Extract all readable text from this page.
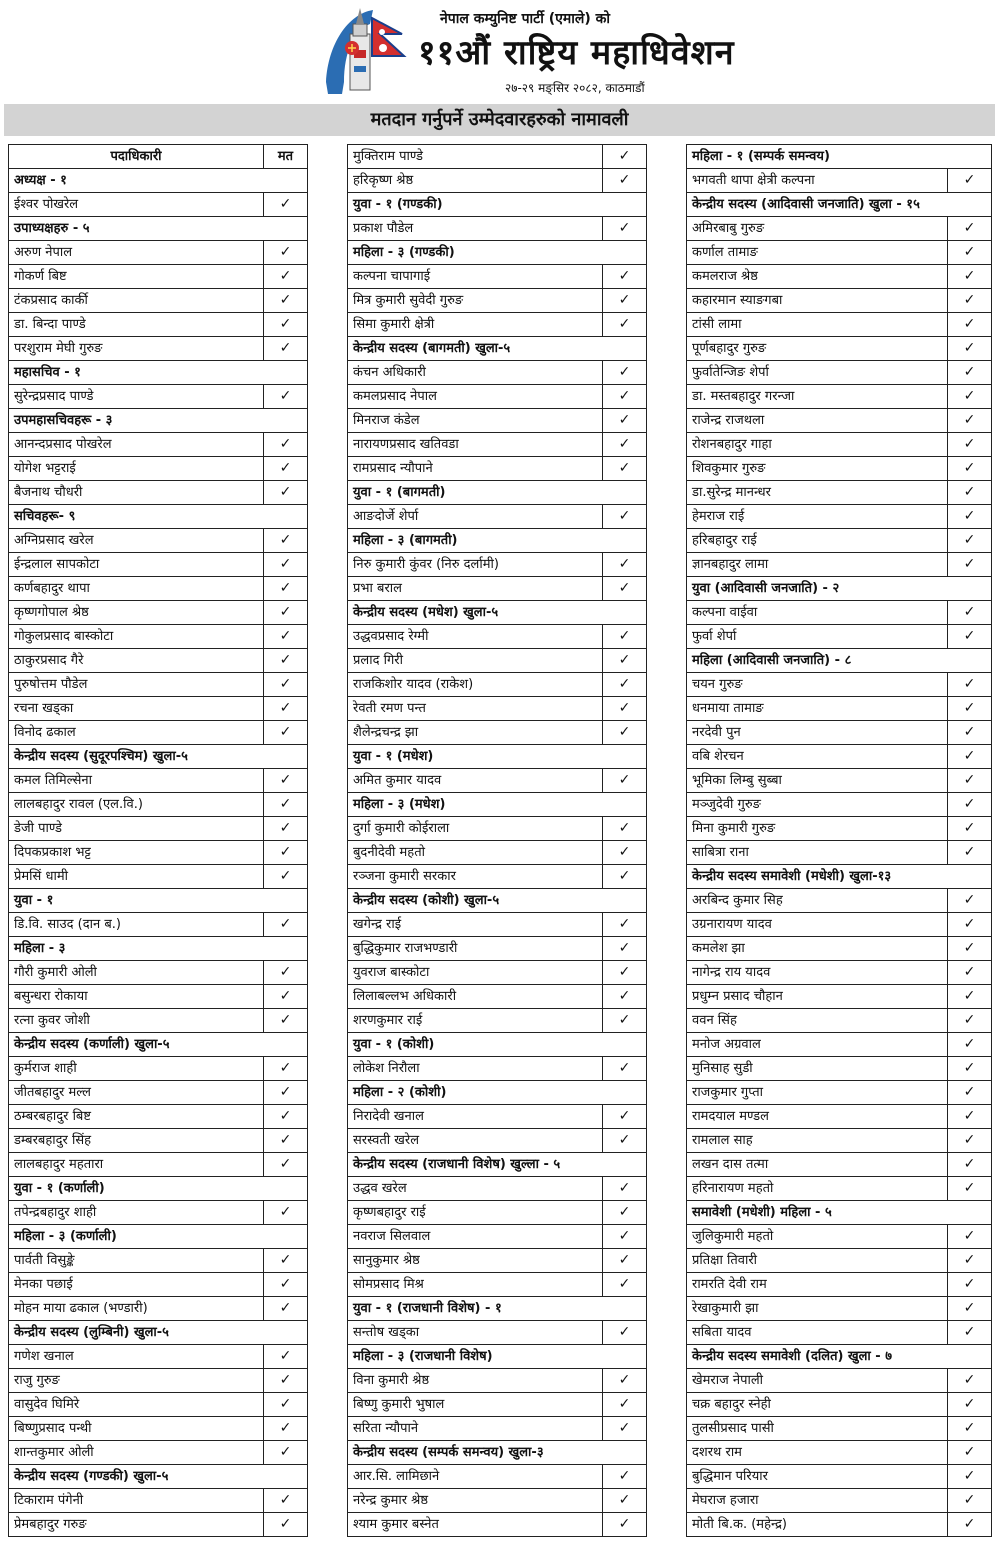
नेपाल कम्युनिष्ट पार्टी (एमाले) को
११औं राष्ट्रिय महाधिवेशन
२७-२९ मङ्सिर २०८२, काठमाडौं
मतदान गर्नुपर्ने उम्मेदवारहरुको नामावली
पदाधिकारी	मत
अध्यक्ष - १	
ईश्वर पोखरेल	✓
उपाध्यक्षहरु - ५	
अरुण नेपाल	✓
गोकर्ण बिष्ट	✓
टंकप्रसाद कार्की	✓
डा. बिन्दा पाण्डे	✓
परशुराम मेघी गुरुङ	✓
महासचिव - १	
सुरेन्द्रप्रसाद पाण्डे	✓
उपमहासचिवहरू - ३	
आनन्दप्रसाद पोखरेल	✓
योगेश भट्टराई	✓
बैजनाथ चौधरी	✓
सचिवहरू- ९	
अग्निप्रसाद खरेल	✓
ईन्द्रलाल सापकोटा	✓
कर्णबहादुर थापा	✓
कृष्णगोपाल श्रेष्ठ	✓
गोकुलप्रसाद बास्कोटा	✓
ठाकुरप्रसाद गैरे	✓
पुरुषोत्तम पौडेल	✓
रचना खड्का	✓
विनोद ढकाल	✓
केन्द्रीय सदस्य (सुदूरपश्चिम) खुला-५	
कमल तिमिल्सेना	✓
लालबहादुर रावल (एल.वि.)	✓
डेजी पाण्डे	✓
दिपकप्रकाश भट्ट	✓
प्रेमसिं धामी	✓
युवा - १	
डि.वि. साउद (दान ब.)	✓
महिला - ३	
गौरी कुमारी ओली	✓
बसुन्धरा रोकाया	✓
रत्ना कुवर जोशी	✓
केन्द्रीय सदस्य (कर्णाली) खुला-५	
कुर्मराज शाही	✓
जीतबहादुर मल्ल	✓
ठम्बरबहादुर बिष्ट	✓
डम्बरबहादुर सिंह	✓
लालबहादुर महतारा	✓
युवा - १ (कर्णाली)	
तपेन्द्रबहादुर शाही	✓
महिला - ३ (कर्णाली)	
पार्वती विसुङ्के	✓
मेनका पछाई	✓
मोहन माया ढकाल (भण्डारी)	✓
केन्द्रीय सदस्य (लुम्बिनी) खुला-५	
गणेश खनाल	✓
राजु गुरुङ	✓
वासुदेव घिमिरे	✓
बिष्णुप्रसाद पन्थी	✓
शान्तकुमार ओली	✓
केन्द्रीय सदस्य (गण्डकी) खुला-५	
टिकाराम पंगेनी	✓
प्रेमबहादुर गरुङ	✓
मुक्तिराम पाण्डे	✓
हरिकृष्ण श्रेष्ठ	✓
युवा - १ (गण्डकी)	
प्रकाश पौडेल	✓
महिला - ३ (गण्डकी)	
कल्पना चापागाई	✓
मित्र कुमारी सुवेदी गुरुङ	✓
सिमा कुमारी क्षेत्री	✓
केन्द्रीय सदस्य (बागमती) खुला-५	
कंचन अधिकारी	✓
कमलप्रसाद नेपाल	✓
मिनराज कंडेल	✓
नारायणप्रसाद खतिवडा	✓
रामप्रसाद न्यौपाने	✓
युवा - १ (बागमती)	
आङदोर्जे शेर्पा	✓
महिला - ३ (बागमती)	
निरु कुमारी कुंवर (निरु दर्लामी)	✓
प्रभा बराल	✓
केन्द्रीय सदस्य (मधेश) खुला-५	
उद्धवप्रसाद रेग्मी	✓
प्रलाद गिरी	✓
राजकिशोर यादव (राकेश)	✓
रेवती रमण पन्त	✓
शैलेन्द्रचन्द्र झा	✓
युवा - १ (मधेश)	
अमित कुमार यादव	✓
महिला - ३ (मधेश)	
दुर्गा कुमारी कोईराला	✓
बुदनीदेवी महतो	✓
रञ्जना कुमारी सरकार	✓
केन्द्रीय सदस्य (कोशी) खुला-५	
खगेन्द्र राई	✓
बुद्धिकुमार राजभण्डारी	✓
युवराज बास्कोटा	✓
लिलाबल्लभ अधिकारी	✓
शरणकुमार राई	✓
युवा - १ (कोशी)	
लोकेश निरौला	✓
महिला - २ (कोशी)	
निरादेवी खनाल	✓
सरस्वती खरेल	✓
केन्द्रीय सदस्य (राजधानी विशेष) खुल्ला - ५	
उद्धव खरेल	✓
कृष्णबहादुर राई	✓
नवराज सिलवाल	✓
सानुकुमार श्रेष्ठ	✓
सोमप्रसाद मिश्र	✓
युवा - १ (राजधानी विशेष) - १	
सन्तोष खड्का	✓
महिला - ३ (राजधानी विशेष)	
विना कुमारी श्रेष्ठ	✓
बिष्णु कुमारी भुषाल	✓
सरिता न्यौपाने	✓
केन्द्रीय सदस्य (सम्पर्क समन्वय) खुला-३	
आर.सि. लामिछाने	✓
नरेन्द्र कुमार श्रेष्ठ	✓
श्याम कुमार बस्नेत	✓
महिला - १ (सम्पर्क समन्वय)	
भगवती थापा क्षेत्री कल्पना	✓
केन्द्रीय सदस्य (आदिवासी जनजाति) खुला - १५	
अमिरबाबु गुरुङ	✓
कर्णाल तामाङ	✓
कमलराज श्रेष्ठ	✓
कहारमान स्याङगबा	✓
टांसी लामा	✓
पूर्णबहादुर गुरुङ	✓
फुर्वातेन्जिङ शेर्पा	✓
डा. मस्तबहादुर गरन्जा	✓
राजेन्द्र राजथला	✓
रोशनबहादुर गाहा	✓
शिवकुमार गुरुङ	✓
डा.सुरेन्द्र मानन्धर	✓
हेमराज राई	✓
हरिबहादुर राई	✓
ज्ञानबहादुर लामा	✓
युवा (आदिवासी जनजाति) - २	
कल्पना वाईवा	✓
फुर्वा शेर्पा	✓
महिला (आदिवासी जनजाति) - ८	
चयन गुरुङ	✓
धनमाया तामाङ	✓
नरदेवी पुन	✓
वबि शेरचन	✓
भूमिका लिम्बु सुब्बा	✓
मञ्जुदेवी गुरुङ	✓
मिना कुमारी गुरुङ	✓
साबित्रा राना	✓
केन्द्रीय सदस्य समावेशी (मधेशी) खुला-१३	
अरबिन्द कुमार सिह	✓
उग्रनारायण यादव	✓
कमलेश झा	✓
नागेन्द्र राय यादव	✓
प्रधुम्न प्रसाद चौहान	✓
ववन सिंह	✓
मनोज अग्रवाल	✓
मुनिसाह सुडी	✓
राजकुमार गुप्ता	✓
रामदयाल मण्डल	✓
रामलाल साह	✓
लखन दास तत्मा	✓
हरिनारायण महतो	✓
समावेशी (मधेशी) महिला - ५	
जुलिकुमारी महतो	✓
प्रतिक्षा तिवारी	✓
रामरति देवी राम	✓
रेखाकुमारी झा	✓
सबिता यादव	✓
केन्द्रीय सदस्य समावेशी (दलित) खुला - ७	
खेमराज नेपाली	✓
चक्र बहादुर स्नेही	✓
तुलसीप्रसाद पासी	✓
दशरथ राम	✓
बुद्धिमान परियार	✓
मेघराज हजारा	✓
मोती बि.क. (महेन्द्र)	✓
